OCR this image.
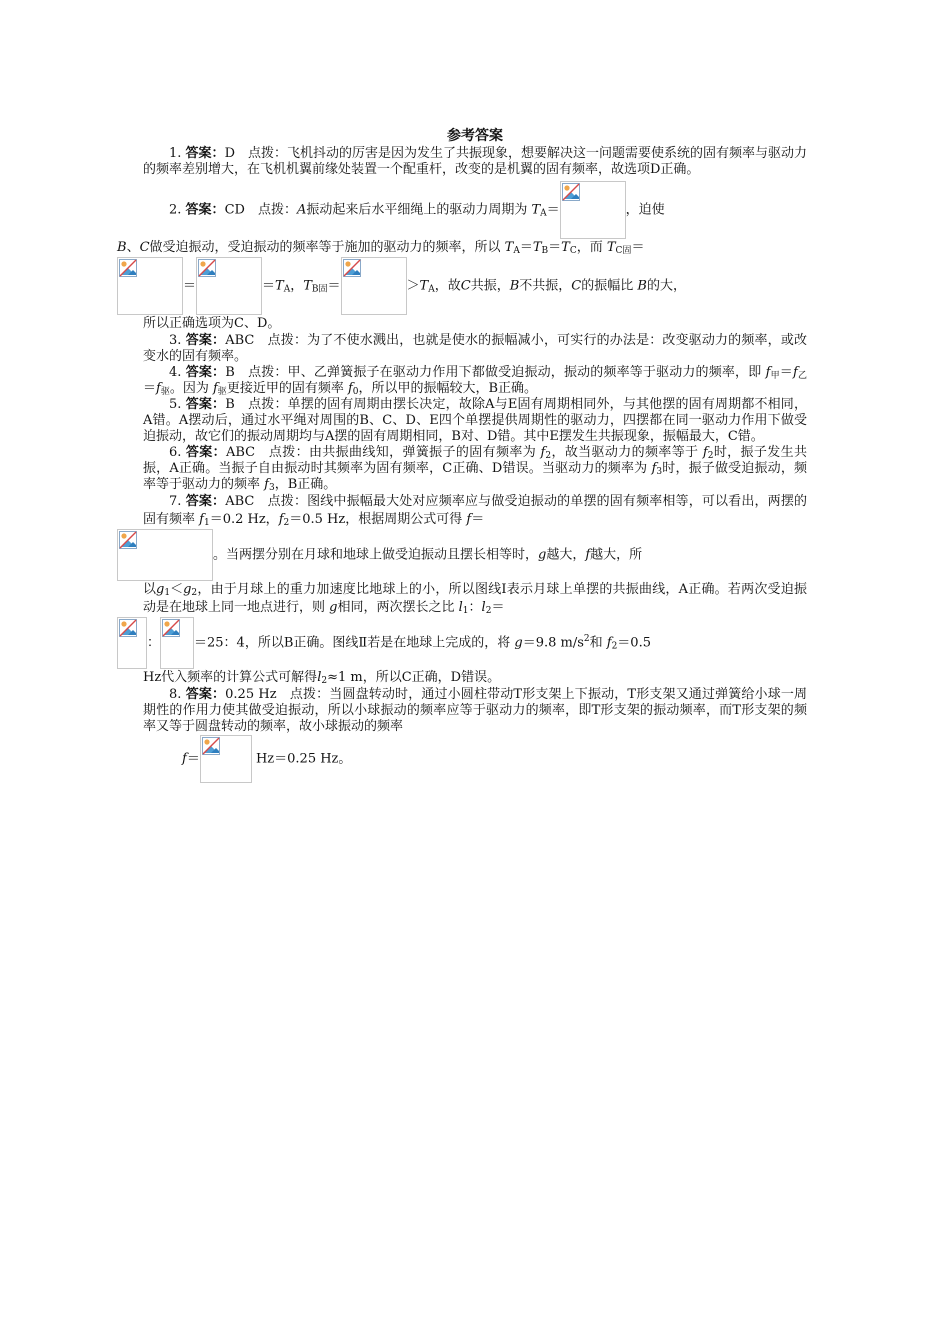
参考答案

1. 答案：D　点拨：飞机抖动的厉害是因为发生了共振现象，想要解决这一问题需要使系统的固有频率与驱动力的频率差别增大，在飞机机翼前缘处装置一个配重杆，改变的是机翼的固有频率，故选项D正确。

2. 答案：CD　点拨：A振动起来后水平细绳上的驱动力周期为 $T_A=$	，迫使
B、C做受迫振动，受迫振动的频率等于施加的驱动力的频率，所以 $T_A=T_B=T_C$，而 $T_{C固}=$

＝	$=T_A$，$T_{B固}=$	$>T_A$，故C共振，B不共振，C的振幅比 B的大，
所以正确选项为C、D。

3. 答案：ABC　点拨：为了不使水溅出，也就是使水的振幅减小，可实行的办法是：改变驱动力的频率，或改变水的固有频率。

4. 答案：B　点拨：甲、乙弹簧振子在驱动力作用下都做受迫振动，振动的频率等于驱动力的频率，即 $f_甲=f_乙=f_驱$。因为 $f_驱$更接近甲的固有频率 $f_0$，所以甲的振幅较大，B正确。

5. 答案：B　点拨：单摆的固有周期由摆长决定，故除A与E固有周期相同外，与其他摆的固有周期都不相同，A错。A摆动后，通过水平绳对周围的B、C、D、E四个单摆提供周期性的驱动力，四摆都在同一驱动力作用下做受迫振动，故它们的振动周期均与A摆的固有周期相同，B对、D错。其中E摆发生共振现象，振幅最大，C错。

6. 答案：ABC　点拨：由共振曲线知，弹簧振子的固有频率为 $f_2$，故当驱动力的频率等于 $f_2$时，振子发生共振，A正确。当振子自由振动时其频率为固有频率，C正确、D错误。当驱动力的频率为 $f_3$时，振子做受迫振动，频率等于驱动力的频率 $f_3$，B正确。

7. 答案：ABC　点拨：图线中振幅最大处对应频率应与做受迫振动的单摆的固有频率相等，可以看出，两摆的固有频率 $f_1=0.2$ Hz，$f_2=0.5$ Hz，根据周期公式可得 f＝

。当两摆分别在月球和地球上做受迫振动且摆长相等时，g越大，f越大，所
以$g_1<g_2$，由于月球上的重力加速度比地球上的小，所以图线Ⅰ表示月球上单摆的共振曲线，A正确。若两次受迫振动是在地球上同一地点进行，则 g相同，两次摆长之比 $l_1$：$l_2=$

：	＝25：4，所以B正确。图线Ⅱ若是在地球上完成的，将 g＝9.8 $m/s^2$和 $f_2=0.5$
Hz代入频率的计算公式可解得$l_2\approx 1$ m，所以C正确，D错误。

8. 答案：0.25 Hz　点拨：当圆盘转动时，通过小圆柱带动T形支架上下振动，T形支架又通过弹簧给小球一周期性的作用力使其做受迫振动，所以小球振动的频率应等于驱动力的频率，即T形支架的振动频率，而T形支架的频率又等于圆盘转动的频率，故小球振动的频率

f＝	Hz＝0.25 Hz。
